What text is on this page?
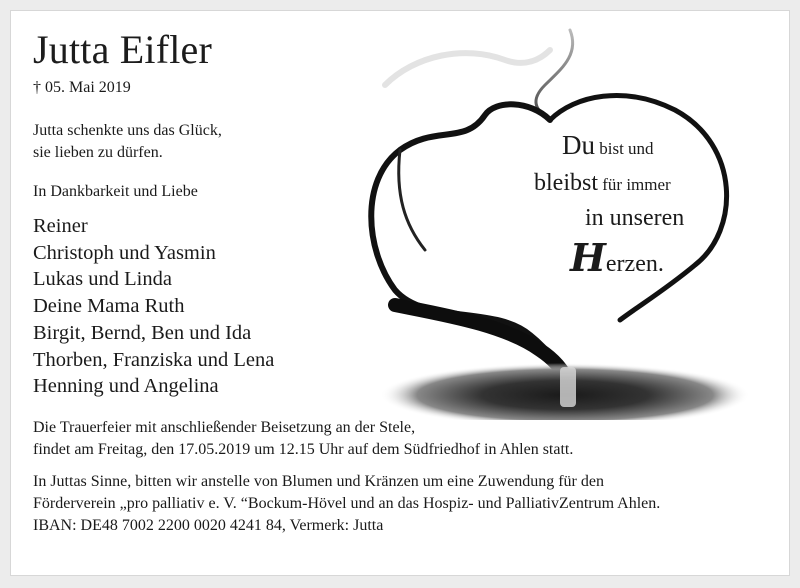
Jutta Eifler
† 05. Mai 2019
Jutta schenkte uns das Glück,
sie lieben zu dürfen.
In Dankbarkeit und Liebe
Reiner
Christoph und Yasmin
Lukas und Linda
Deine Mama Ruth
Birgit, Bernd, Ben und Ida
Thorben, Franziska und Lena
Henning und Angelina
Die Trauerfeier mit anschließender Beisetzung an der Stele,
findet am Freitag, den 17.05.2019 um 12.15 Uhr auf dem Südfriedhof in Ahlen statt.
In Juttas Sinne, bitten wir anstelle von Blumen und Kränzen um eine Zuwendung für den
Förderverein „pro palliativ e. V. “Bockum-Hövel und an das Hospiz- und PalliativZentrum Ahlen.
IBAN: DE48 7002 2200 0020 4241 84, Vermerk: Jutta
Du bist und
bleibst für immer
in unseren
Herzen.
